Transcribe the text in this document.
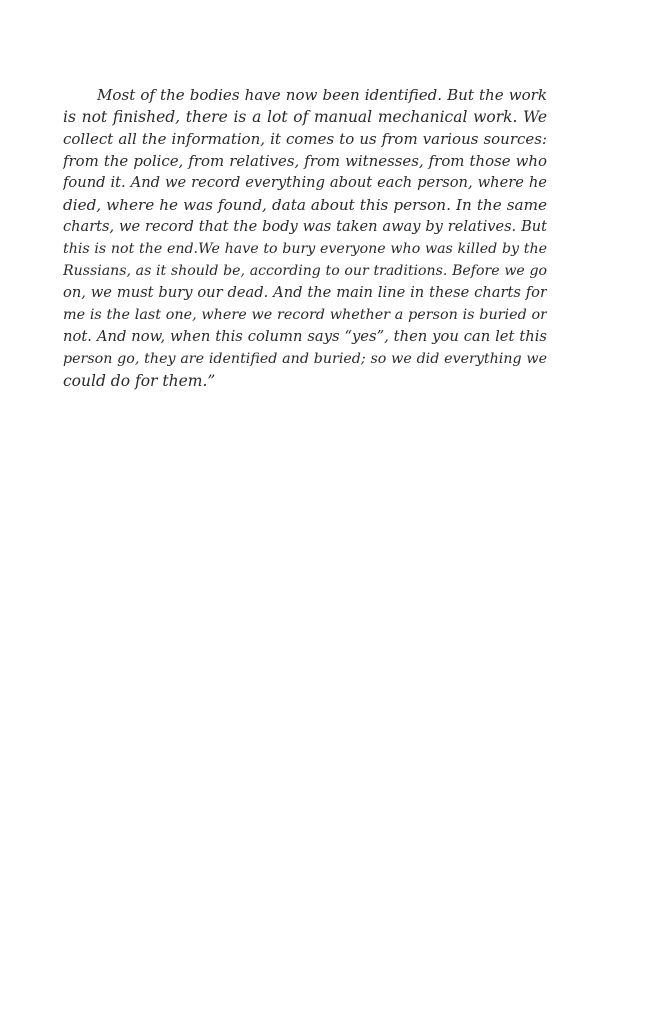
Most of the bodies have now been identified. But the work
is not finished, there is a lot of manual mechanical work. We
collect all the information, it comes to us from various sources:
from the police, from relatives, from witnesses, from those who
found it. And we record everything about each person, where he
died, where he was found, data about this person. In the same
charts, we record that the body was taken away by relatives. But
this is not the end.We have to bury everyone who was killed by the
Russians, as it should be, according to our traditions. Before we go
on, we must bury our dead. And the main line in these charts for
me is the last one, where we record whether a person is buried or
not. And now, when this column says “yes”, then you can let this
person go, they are identified and buried; so we did everything we
could do for them.”
